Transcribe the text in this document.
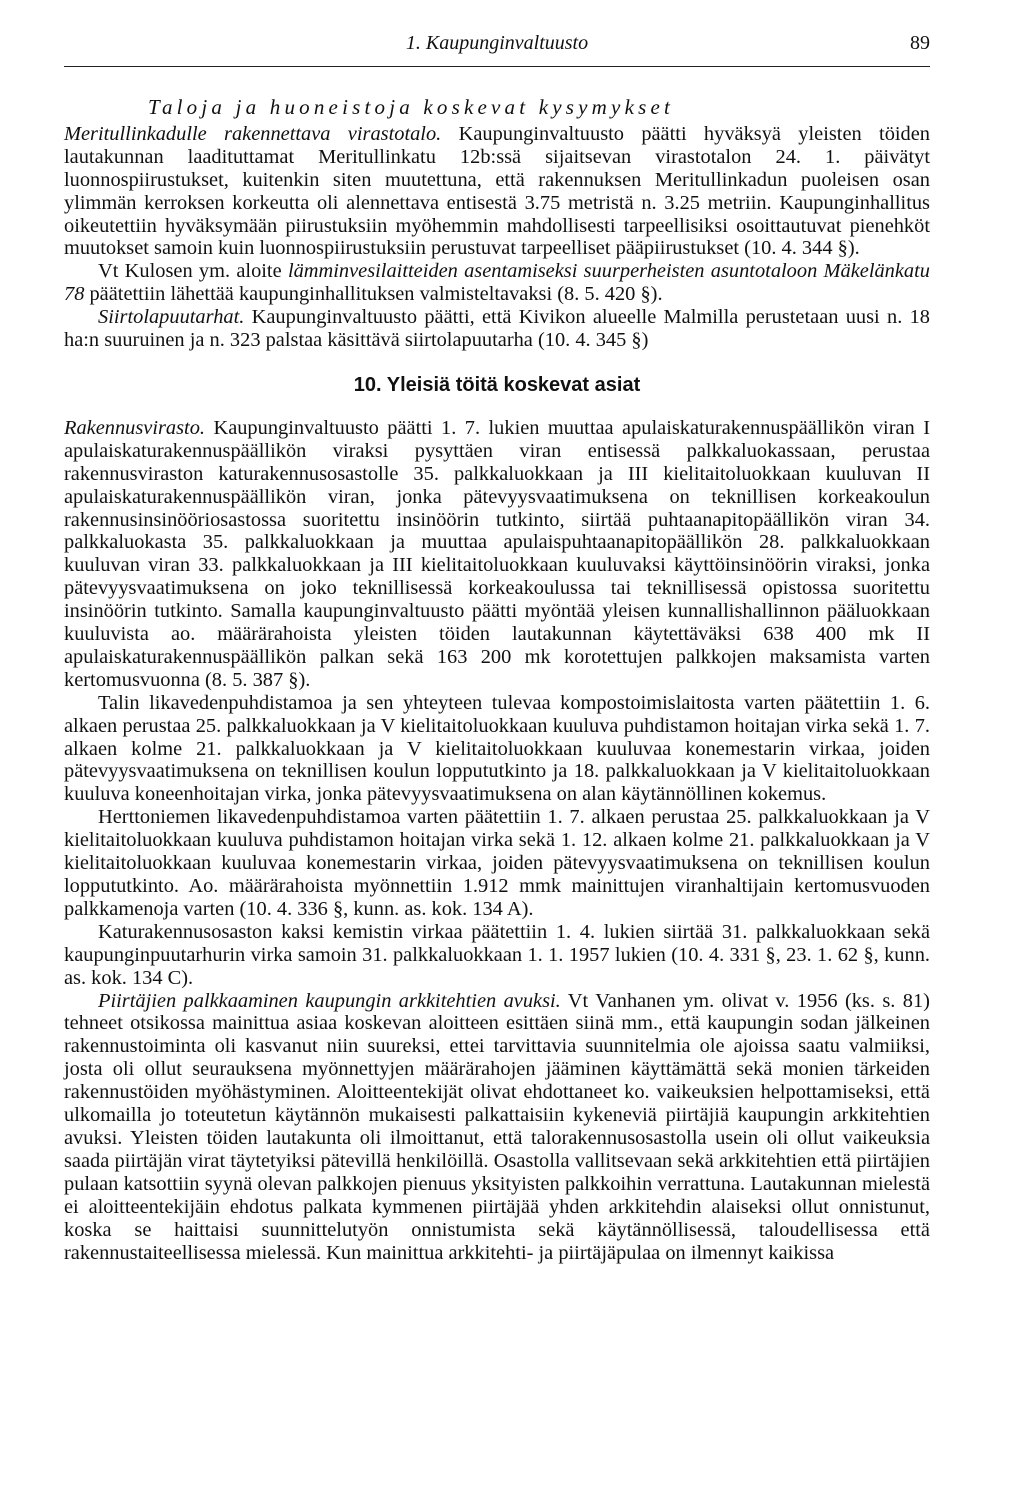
1. Kaupunginvaltuusto	89
Taloja ja huoneistoja koskevat kysymykset

Meritullinkadulle rakennettava virastotalo. Kaupunginvaltuusto päätti hyväksyä yleisten töiden lautakunnan laadituttamat Meritullinkatu 12b:ssä sijaitsevan virastotalon 24. 1. päivätyt luonnospiirustukset, kuitenkin siten muutettuna, että rakennuksen Meritullinkadun puoleisen osan ylimmän kerroksen korkeutta oli alennettava entisestä 3.75 metristä n. 3.25 metriin. Kaupunginhallitus oikeutettiin hyväksymään piirustuksiin myöhemmin mahdollisesti tarpeellisiksi osoittautuvat pienehköt muutokset samoin kuin luonnospiirustuksiin perustuvat tarpeelliset pääpiirustukset (10. 4. 344 §).

Vt Kulosen ym. aloite lämminvesilaitteiden asentamiseksi suurperheisten asuntotaloon Mäkelänkatu 78 päätettiin lähettää kaupunginhallituksen valmisteltavaksi (8. 5. 420 §).

Siirtolapuutarhat. Kaupunginvaltuusto päätti, että Kivikon alueelle Malmilla perustetaan uusi n. 18 ha:n suuruinen ja n. 323 palstaa käsittävä siirtolapuutarha (10. 4. 345 §)

10. Yleisiä töitä koskevat asiat

Rakennusvirasto. Kaupunginvaltuusto päätti 1. 7. lukien muuttaa apulaiskaturakennuspäällikön viran I apulaiskaturakennuspäällikön viraksi pysyttäen viran entisessä palkkaluokassaan, perustaa rakennusviraston katurakennusosastolle 35. palkkaluokkaan ja III kielitaitoluokkaan kuuluvan II apulaiskaturakennuspäällikön viran, jonka pätevyysvaatimuksena on teknillisen korkeakoulun rakennusinsinööriosastossa suoritettu insinöörin tutkinto, siirtää puhtaanapitopäällikön viran 34. palkkaluokasta 35. palkkaluokkaan ja muuttaa apulaispuhtaanapitopäällikön 28. palkkaluokkaan kuuluvan viran 33. palkkaluokkaan ja III kielitaitoluokkaan kuuluvaksi käyttöinsinöörin viraksi, jonka pätevyysvaatimuksena on joko teknillisessä korkeakoulussa tai teknillisessä opistossa suoritettu insinöörin tutkinto. Samalla kaupunginvaltuusto päätti myöntää yleisen kunnallishallinnon pääluokkaan kuuluvista ao. määrärahoista yleisten töiden lautakunnan käytettäväksi 638 400 mk II apulaiskaturakennuspäällikön palkan sekä 163 200 mk korotettujen palkkojen maksamista varten kertomusvuonna (8. 5. 387 §).

Talin likavedenpuhdistamoa ja sen yhteyteen tulevaa kompostoimislaitosta varten päätettiin 1. 6. alkaen perustaa 25. palkkaluokkaan ja V kielitaitoluokkaan kuuluva puhdistamon hoitajan virka sekä 1. 7. alkaen kolme 21. palkkaluokkaan ja V kielitaitoluokkaan kuuluvaa konemestarin virkaa, joiden pätevyysvaatimuksena on teknillisen koulun loppututkinto ja 18. palkkaluokkaan ja V kielitaitoluokkaan kuuluva koneenhoitajan virka, jonka pätevyysvaatimuksena on alan käytännöllinen kokemus.

Herttoniemen likavedenpuhdistamoa varten päätettiin 1. 7. alkaen perustaa 25. palkkaluokkaan ja V kielitaitoluokkaan kuuluva puhdistamon hoitajan virka sekä 1. 12. alkaen kolme 21. palkkaluokkaan ja V kielitaitoluokkaan kuuluvaa konemestarin virkaa, joiden pätevyysvaatimuksena on teknillisen koulun loppututkinto. Ao. määrärahoista myönnettiin 1.912 mmk mainittujen viranhaltijain kertomusvuoden palkkamenoja varten (10. 4. 336 §, kunn. as. kok. 134 A).

Katurakennusosaston kaksi kemistin virkaa päätettiin 1. 4. lukien siirtää 31. palkkaluokkaan sekä kaupunginpuutarhurin virka samoin 31. palkkaluokkaan 1. 1. 1957 lukien (10. 4. 331 §, 23. 1. 62 §, kunn. as. kok. 134 C).

Piirtäjien palkkaaminen kaupungin arkkitehtien avuksi. Vt Vanhanen ym. olivat v. 1956 (ks. s. 81) tehneet otsikossa mainittua asiaa koskevan aloitteen esittäen siinä mm., että kaupungin sodan jälkeinen rakennustoiminta oli kasvanut niin suureksi, ettei tarvittavia suunnitelmia ole ajoissa saatu valmiiksi, josta oli ollut seurauksena myönnettyjen määrärahojen jääminen käyttämättä sekä monien tärkeiden rakennustöiden myöhästyminen. Aloitteentekijät olivat ehdottaneet ko. vaikeuksien helpottamiseksi, että ulkomailla jo toteutetun käytännön mukaisesti palkattaisiin kykeneviä piirtäjiä kaupungin arkkitehtien avuksi. Yleisten töiden lautakunta oli ilmoittanut, että talorakennusosastolla usein oli ollut vaikeuksia saada piirtäjän virat täytetyiksi pätevillä henkilöillä. Osastolla vallitsevaan sekä arkkitehtien että piirtäjien pulaan katsottiin syynä olevan palkkojen pienuus yksityisten palkkoihin verrattuna. Lautakunnan mielestä ei aloitteentekijäin ehdotus palkata kymmenen piirtäjää yhden arkkitehdin alaiseksi ollut onnistunut, koska se haittaisi suunnittelutyön onnistumista sekä käytännöllisessä, taloudellisessa että rakennustaiteellisessa mielessä. Kun mainittua arkkitehti- ja piirtäjäpulaa on ilmennyt kaikissa
